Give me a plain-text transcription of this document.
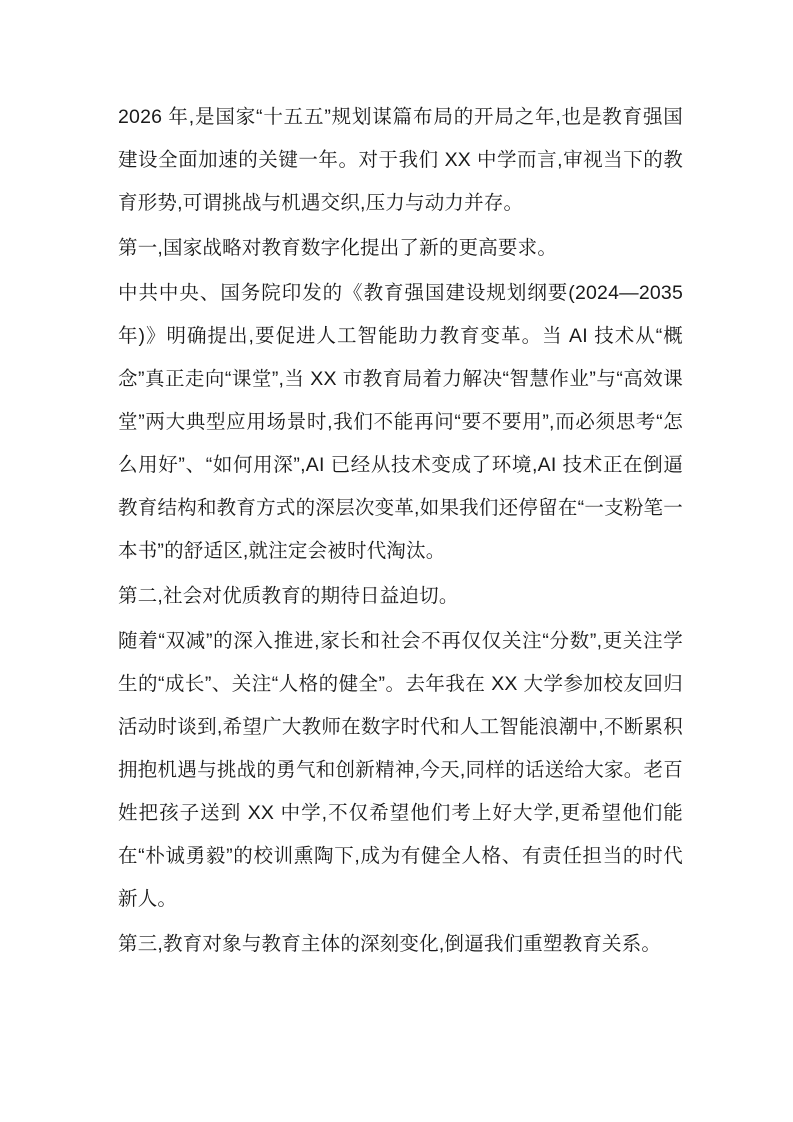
2026 年,是国家“十五五”规划谋篇布局的开局之年,也是教育强国建设全面加速的关键一年。对于我们 XX 中学而言,审视当下的教育形势,可谓挑战与机遇交织,压力与动力并存。

第一,国家战略对教育数字化提出了新的更高要求。

中共中央、国务院印发的《教育强国建设规划纲要(2024—2035 年)》明确提出,要促进人工智能助力教育变革。当 AI 技术从“概念”真正走向“课堂”,当 XX 市教育局着力解决“智慧作业”与“高效课堂”两大典型应用场景时,我们不能再问“要不要用”,而必须思考“怎么用好”、“如何用深”,AI 已经从技术变成了环境,AI 技术正在倒逼教育结构和教育方式的深层次变革,如果我们还停留在“一支粉笔一本书”的舒适区,就注定会被时代淘汰。

第二,社会对优质教育的期待日益迫切。

随着“双减”的深入推进,家长和社会不再仅仅关注“分数”,更关注学生的“成长”、关注“人格的健全”。去年我在 XX 大学参加校友回归活动时谈到,希望广大教师在数字时代和人工智能浪潮中,不断累积拥抱机遇与挑战的勇气和创新精神,今天,同样的话送给大家。老百姓把孩子送到 XX 中学,不仅希望他们考上好大学,更希望他们能在“朴诚勇毅”的校训熏陶下,成为有健全人格、有责任担当的时代新人。

第三,教育对象与教育主体的深刻变化,倒逼我们重塑教育关系。
